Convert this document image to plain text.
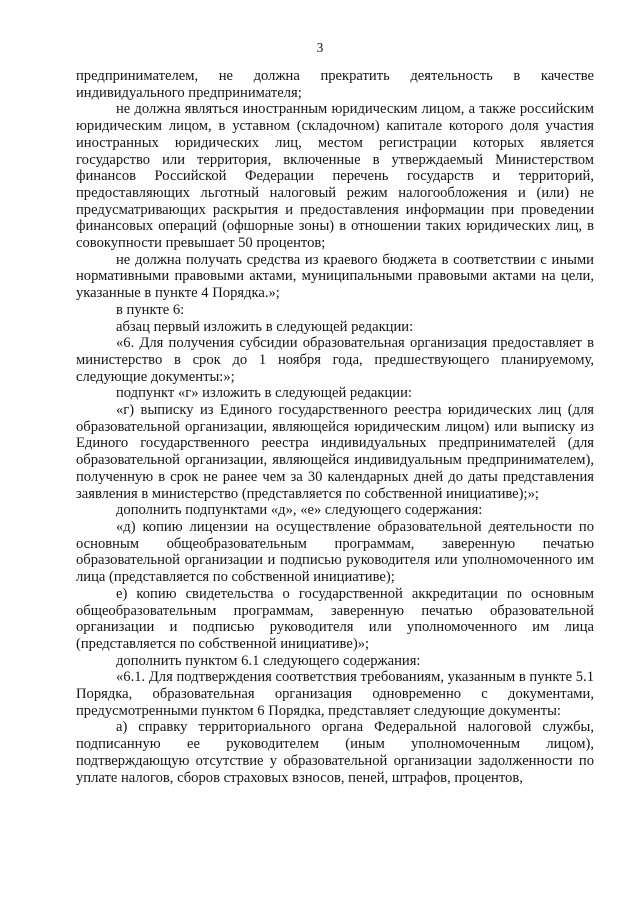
3

предпринимателем, не должна прекратить деятельность в качестве индивидуального предпринимателя;

не должна являться иностранным юридическим лицом, а также российским юридическим лицом, в уставном (складочном) капитале которого доля участия иностранных юридических лиц, местом регистрации которых является государство или территория, включенные в утверждаемый Министерством финансов Российской Федерации перечень государств и территорий, предоставляющих льготный налоговый режим налогообложения и (или) не предусматривающих раскрытия и предоставления информации при проведении финансовых операций (офшорные зоны) в отношении таких юридических лиц, в совокупности превышает 50 процентов;

не должна получать средства из краевого бюджета в соответствии с иными нормативными правовыми актами, муниципальными правовыми актами на цели, указанные в пункте 4 Порядка.»;

в пункте 6:

абзац первый изложить в следующей редакции:

«6. Для получения субсидии образовательная организация предоставляет в министерство в срок до 1 ноября года, предшествующего планируемому, следующие документы:»;

подпункт «г» изложить в следующей редакции:

«г) выписку из Единого государственного реестра юридических лиц (для образовательной организации, являющейся юридическим лицом) или выписку из Единого государственного реестра индивидуальных предпринимателей (для образовательной организации, являющейся индивидуальным предпринимателем), полученную в срок не ранее чем за 30 календарных дней до даты представления заявления в министерство (представляется по собственной инициативе);»;

дополнить подпунктами «д», «е» следующего содержания:

«д) копию лицензии на осуществление образовательной деятельности по основным общеобразовательным программам, заверенную печатью образовательной организации и подписью руководителя или уполномоченного им лица (представляется по собственной инициативе);

е) копию свидетельства о государственной аккредитации по основным общеобразовательным программам, заверенную печатью образовательной организации и подписью руководителя или уполномоченного им лица (представляется по собственной инициативе)»;

дополнить пунктом 6.1 следующего содержания:

«6.1. Для подтверждения соответствия требованиям, указанным в пункте 5.1 Порядка, образовательная организация одновременно с документами, предусмотренными пунктом 6 Порядка, представляет следующие документы:

а) справку территориального органа Федеральной налоговой службы, подписанную ее руководителем (иным уполномоченным лицом), подтверждающую отсутствие у образовательной организации задолженности по уплате налогов, сборов страховых взносов, пеней, штрафов, процентов,
